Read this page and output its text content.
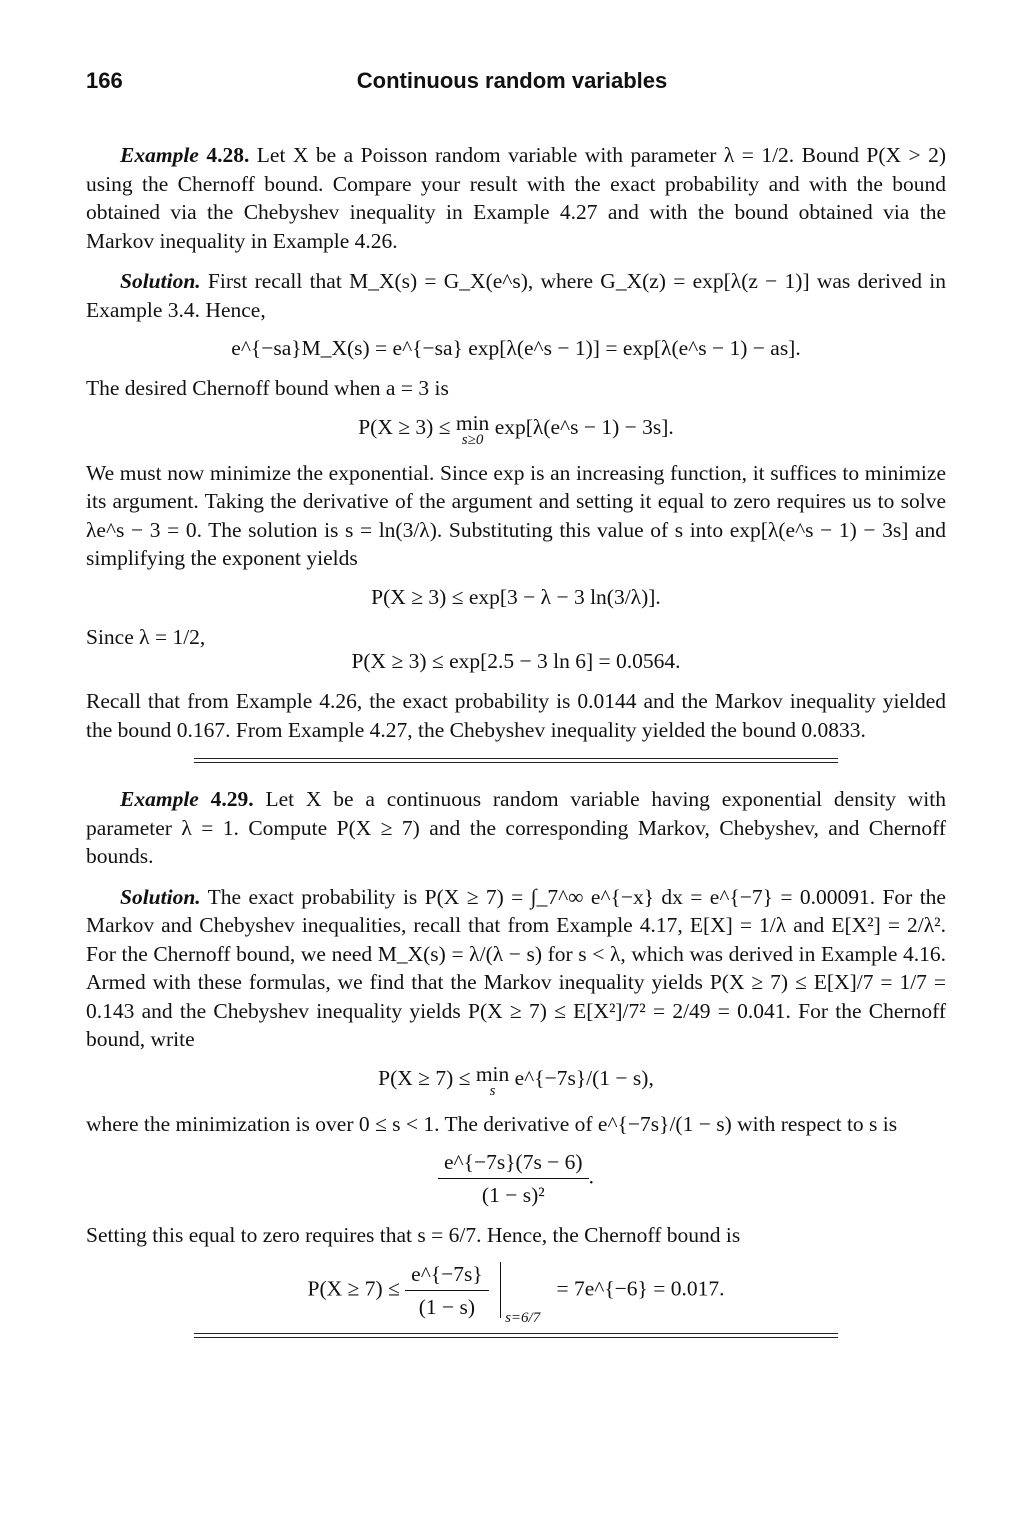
166	Continuous random variables

Example 4.28. Let X be a Poisson random variable with parameter λ = 1/2. Bound P(X > 2) using the Chernoff bound. Compare your result with the exact probability and with the bound obtained via the Chebyshev inequality in Example 4.27 and with the bound obtained via the Markov inequality in Example 4.26.

Solution. First recall that M_X(s) = G_X(e^s), where G_X(z) = exp[λ(z − 1)] was derived in Example 3.4. Hence,

e^{−sa}M_X(s) = e^{−sa} exp[λ(e^s − 1)] = exp[λ(e^s − 1) − as].

The desired Chernoff bound when a = 3 is

P(X ≥ 3) ≤ min
s≥0
exp[λ(e^s − 1) − 3s].

We must now minimize the exponential. Since exp is an increasing function, it suffices to minimize its argument. Taking the derivative of the argument and setting it equal to zero requires us to solve λe^s − 3 = 0. The solution is s = ln(3/λ). Substituting this value of s into exp[λ(e^s − 1) − 3s] and simplifying the exponent yields

P(X ≥ 3) ≤ exp[3 − λ − 3 ln(3/λ)].

Since λ = 1/2,

P(X ≥ 3) ≤ exp[2.5 − 3 ln 6] = 0.0564.

Recall that from Example 4.26, the exact probability is 0.0144 and the Markov inequality yielded the bound 0.167. From Example 4.27, the Chebyshev inequality yielded the bound 0.0833.

Example 4.29. Let X be a continuous random variable having exponential density with parameter λ = 1. Compute P(X ≥ 7) and the corresponding Markov, Chebyshev, and Chernoff bounds.

Solution. The exact probability is P(X ≥ 7) = ∫_7^∞ e^{−x} dx = e^{−7} = 0.00091. For the Markov and Chebyshev inequalities, recall that from Example 4.17, E[X] = 1/λ and E[X²] = 2/λ². For the Chernoff bound, we need M_X(s) = λ/(λ − s) for s < λ, which was derived in Example 4.16. Armed with these formulas, we find that the Markov inequality yields P(X ≥ 7) ≤ E[X]/7 = 1/7 = 0.143 and the Chebyshev inequality yields P(X ≥ 7) ≤ E[X²]/7² = 2/49 = 0.041. For the Chernoff bound, write

P(X ≥ 7) ≤ min
s
e^{−7s}/(1 − s),

where the minimization is over 0 ≤ s < 1. The derivative of e^{−7s}/(1 − s) with respect to s is

$\frac{e\^{}\{-7s\}(7s - 6)}{\text{(1 − s)²}}$ .

Setting this equal to zero requires that s = 6/7. Hence, the Chernoff bound is

$P(X \ge 7) \le \frac{e\^{}\{-7s\}}{(1 - s)}$
s=6/7
= 7e^{−6} = 0.017.
